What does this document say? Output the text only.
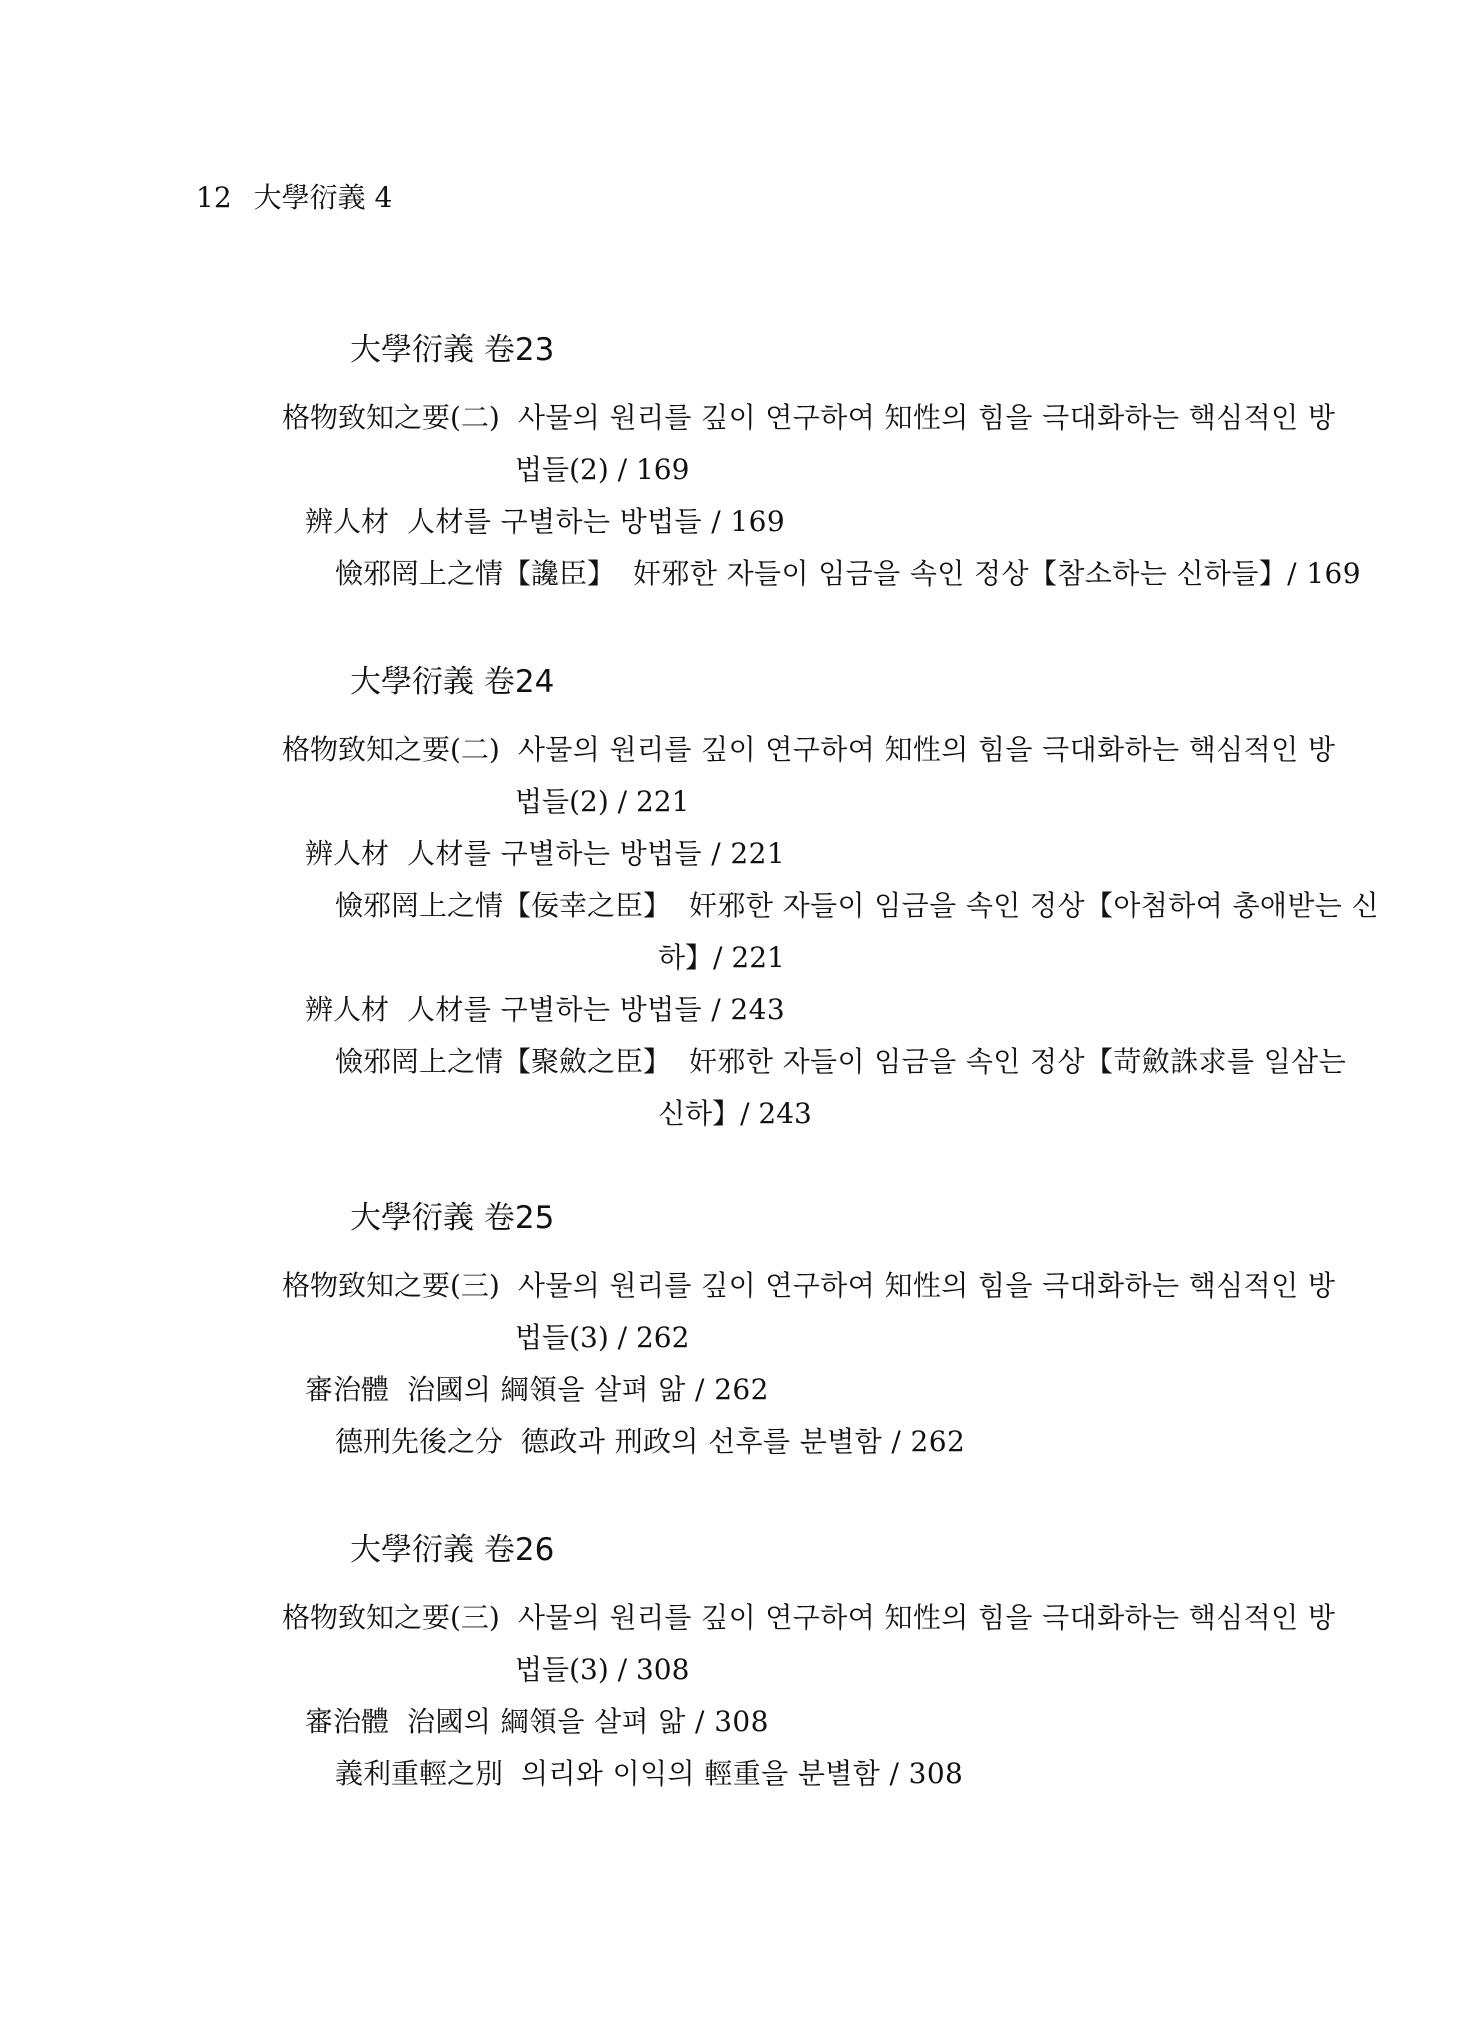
12 大學衍義 4
大學衍義 卷23
格物致知之要(二) 사물의 원리를 깊이 연구하여 知性의 힘을 극대화하는 핵심적인 방
법들(2) / 169
辨人材 人材를 구별하는 방법들 / 169
憸邪罔上之情【讒臣】 奸邪한 자들이 임금을 속인 정상【참소하는 신하들】/ 169
大學衍義 卷24
格物致知之要(二) 사물의 원리를 깊이 연구하여 知性의 힘을 극대화하는 핵심적인 방
법들(2) / 221
辨人材 人材를 구별하는 방법들 / 221
憸邪罔上之情【佞幸之臣】 奸邪한 자들이 임금을 속인 정상【아첨하여 총애받는 신
하】/ 221
辨人材 人材를 구별하는 방법들 / 243
憸邪罔上之情【聚斂之臣】 奸邪한 자들이 임금을 속인 정상【苛斂誅求를 일삼는
신하】/ 243
大學衍義 卷25
格物致知之要(三) 사물의 원리를 깊이 연구하여 知性의 힘을 극대화하는 핵심적인 방
법들(3) / 262
審治體 治國의 綱領을 살펴 앎 / 262
德刑先後之分 德政과 刑政의 선후를 분별함 / 262
大學衍義 卷26
格物致知之要(三) 사물의 원리를 깊이 연구하여 知性의 힘을 극대화하는 핵심적인 방
법들(3) / 308
審治體 治國의 綱領을 살펴 앎 / 308
義利重輕之別 의리와 이익의 輕重을 분별함 / 308
